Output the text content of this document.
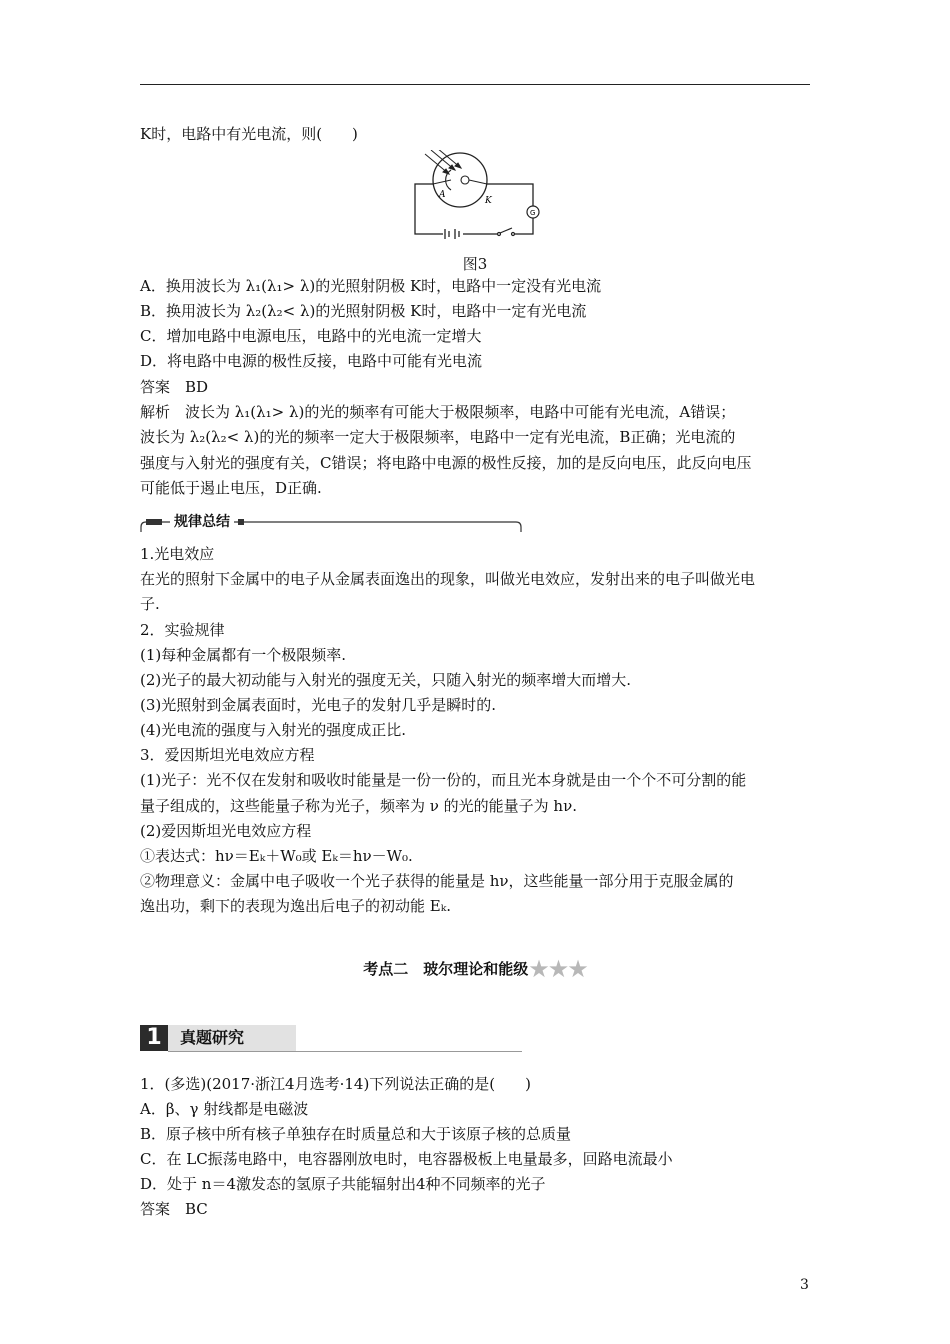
K时，电路中有光电流，则(　　)
A
K
G
图3
A．换用波长为 λ₁(λ₁> λ)的光照射阴极 K时，电路中一定没有光电流
B．换用波长为 λ₂(λ₂< λ)的光照射阴极 K时，电路中一定有光电流
C．增加电路中电源电压，电路中的光电流一定增大
D．将电路中电源的极性反接，电路中可能有光电流
答案　BD
解析　波长为 λ₁(λ₁> λ)的光的频率有可能大于极限频率，电路中可能有光电流，A错误；
波长为 λ₂(λ₂< λ)的光的频率一定大于极限频率，电路中一定有光电流，B正确；光电流的
强度与入射光的强度有关，C错误；将电路中电源的极性反接，加的是反向电压，此反向电压
可能低于遏止电压，D正确.
规律总结
1.光电效应
在光的照射下金属中的电子从金属表面逸出的现象，叫做光电效应，发射出来的电子叫做光电
子.
2．实验规律
(1)每种金属都有一个极限频率.
(2)光子的最大初动能与入射光的强度无关，只随入射光的频率增大而增大.
(3)光照射到金属表面时，光电子的发射几乎是瞬时的.
(4)光电流的强度与入射光的强度成正比.
3．爱因斯坦光电效应方程
(1)光子：光不仅在发射和吸收时能量是一份一份的，而且光本身就是由一个个不可分割的能
量子组成的，这些能量子称为光子，频率为 ν 的光的能量子为 hν.
(2)爱因斯坦光电效应方程
①表达式：hν＝Eₖ＋W₀或 Eₖ＝hν－W₀.
②物理意义：金属中电子吸收一个光子获得的能量是 hν，这些能量一部分用于克服金属的
逸出功，剩下的表现为逸出后电子的初动能 Eₖ.
考点二　玻尔理论和能级★★★
1	真题研究
1．(多选)(2017·浙江4月选考·14)下列说法正确的是(　　)
A．β、γ 射线都是电磁波
B．原子核中所有核子单独存在时质量总和大于该原子核的总质量
C．在 LC振荡电路中，电容器刚放电时，电容器极板上电量最多，回路电流最小
D．处于 n＝4激发态的氢原子共能辐射出4种不同频率的光子
答案　BC
3
